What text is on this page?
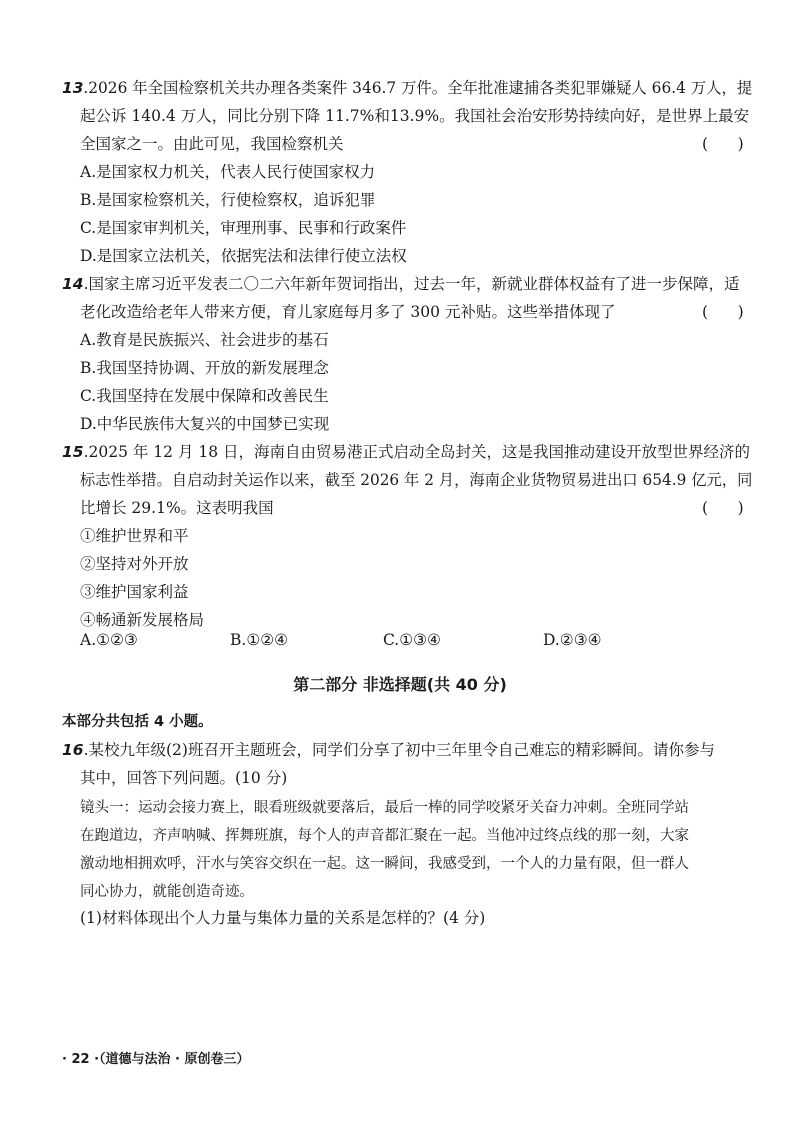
13.2026 年全国检察机关共办理各类案件 346.7 万件。全年批准逮捕各类犯罪嫌疑人 66.4 万人，提
起公诉 140.4 万人，同比分别下降 11.7%和13.9%。我国社会治安形势持续向好，是世界上最安
全国家之一。由此可见，我国检察机关	(      )
A.是国家权力机关，代表人民行使国家权力
B.是国家检察机关，行使检察权，追诉犯罪
C.是国家审判机关，审理刑事、民事和行政案件
D.是国家立法机关，依据宪法和法律行使立法权
14.国家主席习近平发表二〇二六年新年贺词指出，过去一年，新就业群体权益有了进一步保障，适
老化改造给老年人带来方便，育儿家庭每月多了 300 元补贴。这些举措体现了	(      )
A.教育是民族振兴、社会进步的基石
B.我国坚持协调、开放的新发展理念
C.我国坚持在发展中保障和改善民生
D.中华民族伟大复兴的中国梦已实现
15.2025 年 12 月 18 日，海南自由贸易港正式启动全岛封关，这是我国推动建设开放型世界经济的
标志性举措。自启动封关运作以来，截至 2026 年 2 月，海南企业货物贸易进出口 654.9 亿元，同
比增长 29.1%。这表明我国	(      )
①维护世界和平
②坚持对外开放
③维护国家利益
④畅通新发展格局
A.①②③	B.①②④	C.①③④	D.②③④
第二部分 非选择题(共 40 分)
本部分共包括 4 小题。
16.某校九年级(2)班召开主题班会，同学们分享了初中三年里令自己难忘的精彩瞬间。请你参与
其中，回答下列问题。(10 分)
镜头一：运动会接力赛上，眼看班级就要落后，最后一棒的同学咬紧牙关奋力冲刺。全班同学站
在跑道边，齐声呐喊、挥舞班旗，每个人的声音都汇聚在一起。当他冲过终点线的那一刻，大家
激动地相拥欢呼，汗水与笑容交织在一起。这一瞬间，我感受到，一个人的力量有限，但一群人
同心协力，就能创造奇迹。
(1)材料体现出个人力量与集体力量的关系是怎样的？(4 分)
· 22 ·（道德与法治 · 原创卷三）
